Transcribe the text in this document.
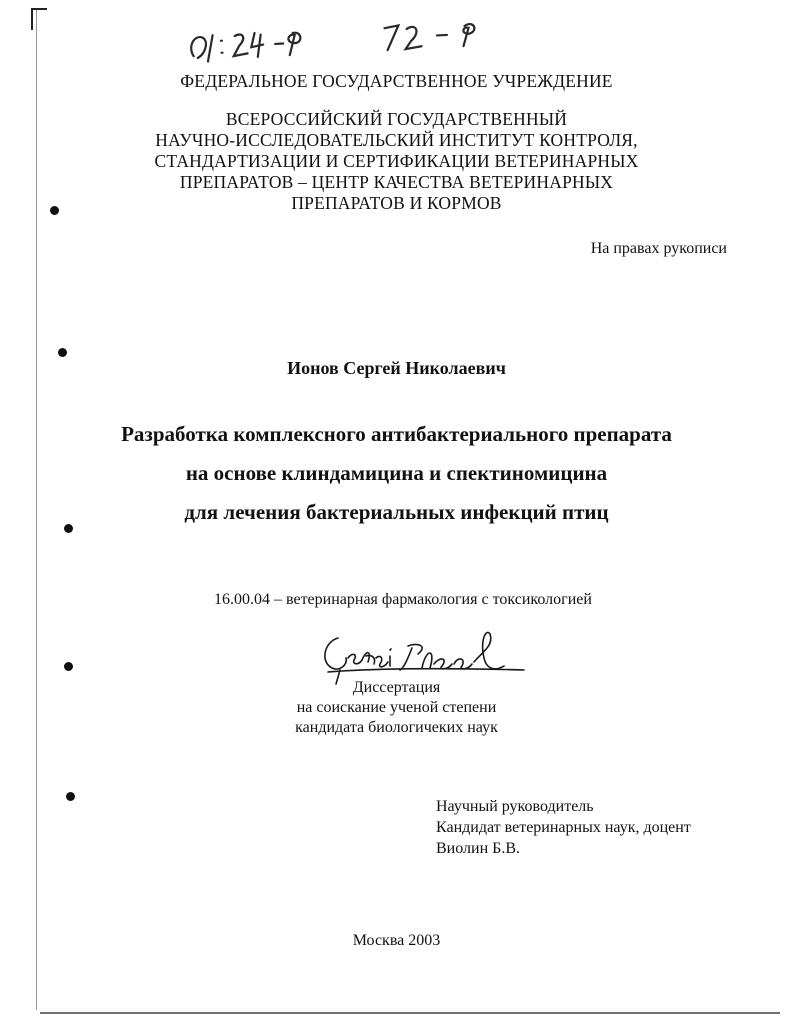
ФЕДЕРАЛЬНОЕ ГОСУДАРСТВЕННОЕ УЧРЕЖДЕНИЕ
ВСЕРОССИЙСКИЙ ГОСУДАРСТВЕННЫЙ
НАУЧНО-ИССЛЕДОВАТЕЛЬСКИЙ ИНСТИТУТ КОНТРОЛЯ,
СТАНДАРТИЗАЦИИ И СЕРТИФИКАЦИИ ВЕТЕРИНАРНЫХ
ПРЕПАРАТОВ – ЦЕНТР КАЧЕСТВА ВЕТЕРИНАРНЫХ
ПРЕПАРАТОВ И КОРМОВ
На правах рукописи
Ионов Сергей Николаевич
Разработка комплексного антибактериального препарата
на основе клиндамицина и спектиномицина
для лечения бактериальных инфекций птиц
16.00.04 – ветеринарная фармакология с токсикологией
Диссертация
на соискание ученой степени
кандидата биологичеких наук
Научный руководитель
Кандидат ветеринарных наук, доцент
Виолин Б.В.
Москва 2003
